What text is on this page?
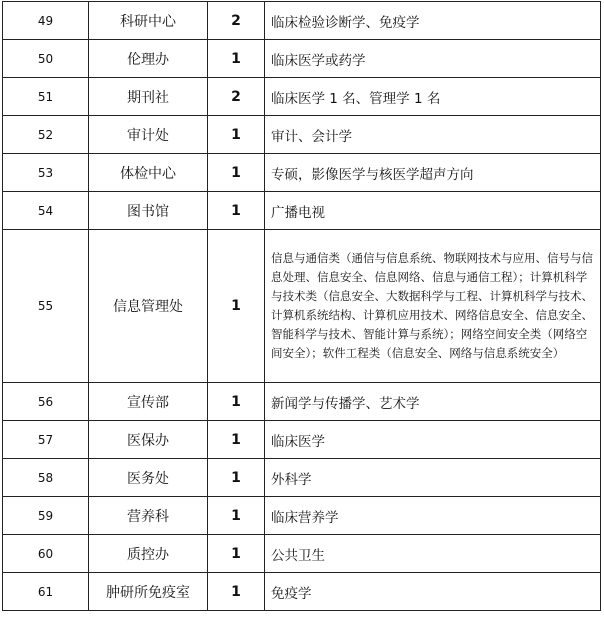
49	科研中心	2	临床检验诊断学、免疫学
50	伦理办	1	临床医学或药学
51	期刊社	2	临床医学 1 名、管理学 1 名
52	审计处	1	审计、会计学
53	体检中心	1	专硕，影像医学与核医学超声方向
54	图书馆	1	广播电视
55	信息管理处	1	信息与通信类（通信与信息系统、物联网技术与应用、信号与信息处理、信息安全、信息网络、信息与通信工程）；计算机科学与技术类（信息安全、大数据科学与工程、计算机科学与技术、计算机系统结构、计算机应用技术、网络信息安全、信息安全、智能科学与技术、智能计算与系统）；网络空间安全类（网络空间安全）；软件工程类（信息安全、网络与信息系统安全）
56	宣传部	1	新闻学与传播学、艺术学
57	医保办	1	临床医学
58	医务处	1	外科学
59	营养科	1	临床营养学
60	质控办	1	公共卫生
61	肿研所免疫室	1	免疫学
